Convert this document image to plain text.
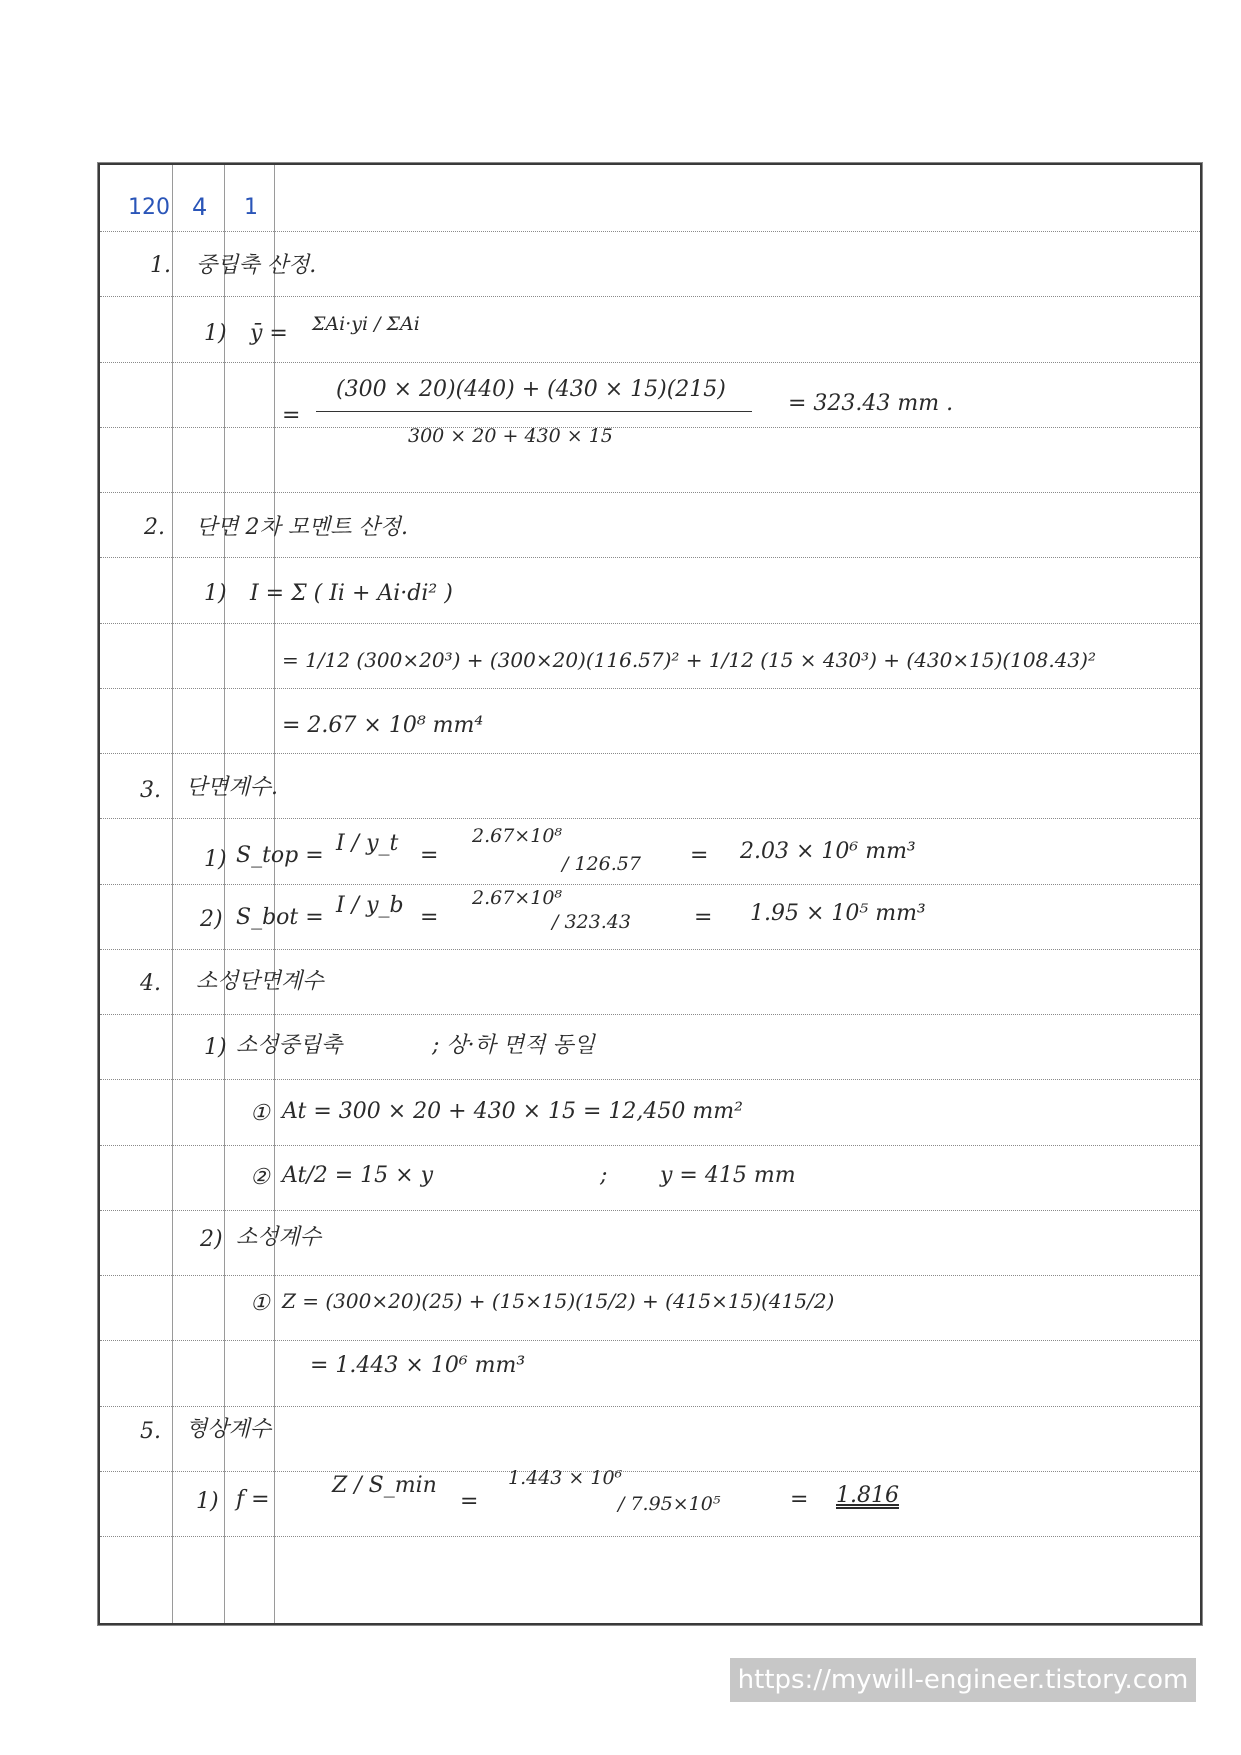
120 4 1
1. 중립축 산정.
1) ȳ = ΣAi·yi / ΣAi
=
(300 × 20)(440) + (430 × 15)(215)
300 × 20 + 430 × 15
= 323.43 mm .
2. 단면 2차 모멘트 산정.
1) I = Σ ( Ii + Ai·di² )
= 1/12 (300×20³) + (300×20)(116.57)² + 1/12 (15 × 430³) + (430×15)(108.43)²
= 2.67 × 10⁸ mm⁴
3. 단면계수.
1) S_top = I / y_t =
2.67×10⁸
/ 126.57 = 2.03 × 10⁶ mm³
2) S_bot = I / y_b =
2.67×10⁸
/ 323.43	= 1.95 × 10⁵ mm³
4. 소성단면계수
1) 소성중립축	; 상·하 면적 동일
① At = 300 × 20 + 430 × 15 = 12,450 mm²
② At/2 = 15 × y	; y = 415 mm
2) 소성계수
① Z = (300×20)(25) + (15×15)(15/2) + (415×15)(415/2)
= 1.443 × 10⁶ mm³
5. 형상계수
1) f =
Z / S_min
=
1.443 × 10⁶
/ 7.95×10⁵	= 1.816
https://mywill-engineer.tistory.com
